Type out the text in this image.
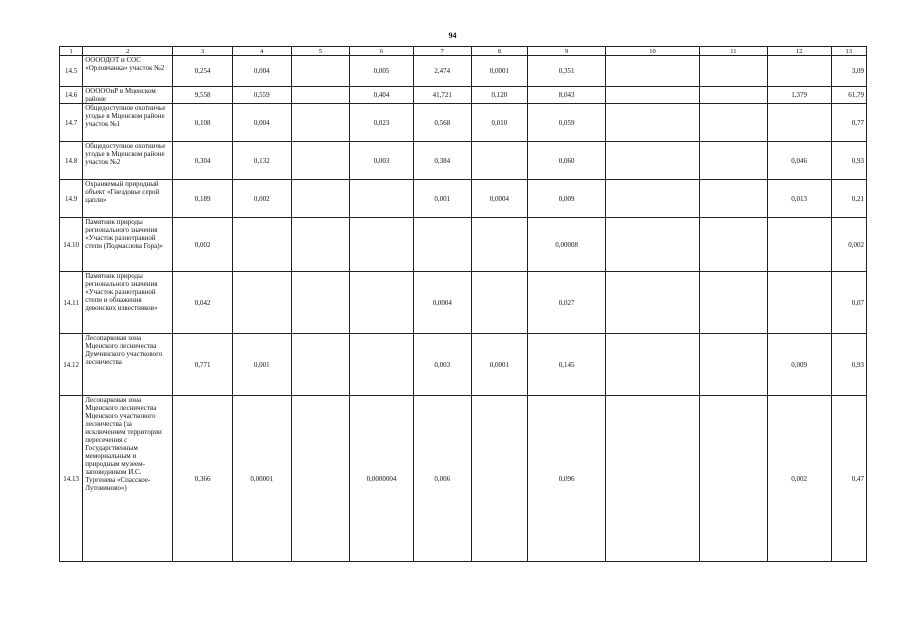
94
1	2	3	4	5	6	7	8	9	10	11	12	13
14.5	ООООДОТ и СОС «Орловчанка» участок №2	0,254	0,004		0,005	2,474	0,0001	0,351				3,09
14.6	ОООООиР в Мценском районе	9,558	0,559		0,404	41,721	0,120	8,043			1,379	61,79
14.7	Общедоступное охотничье угодье в Мценском районе участок №1	0,108	0,004		0,023	0,568	0,010	0,059				0,77
14.8	Общедоступное охотничье угодье в Мценском районе участок №2	0,304	0,132		0,003	0,384		0,060			0,046	0,93
14.9	Охраняемый природный объект «Гнездовье серой цапли»	0,189	0,002			0,001	0,0004	0,009			0,013	0,21
14.10	Памятник природы регионального значения «Участок разнотравной степи (Подмаслова Гора)»	0,002						0,00008				0,002
14.11	Памятник природы регионального значения «Участок разнотравной степи и обнажения девонских известняков»	0,042				0,0004		0,027				0,07
14.12	Лесопарковая зона Мценского лесничества Думчинского участкового лесничества	0,771	0,001			0,003	0,0001	0,145			0,009	0,93
14.13	Лесопарковая зона Мценского лесничества Мценского участкового лесничества (за исключением территории пересечения с Государственным мемориальным и природным музеем-заповедником И.С. Тургенева «Спасское-Лутовиново»)	0,366	0,00001		0,0000004	0,006		0,096			0,002	0,47
